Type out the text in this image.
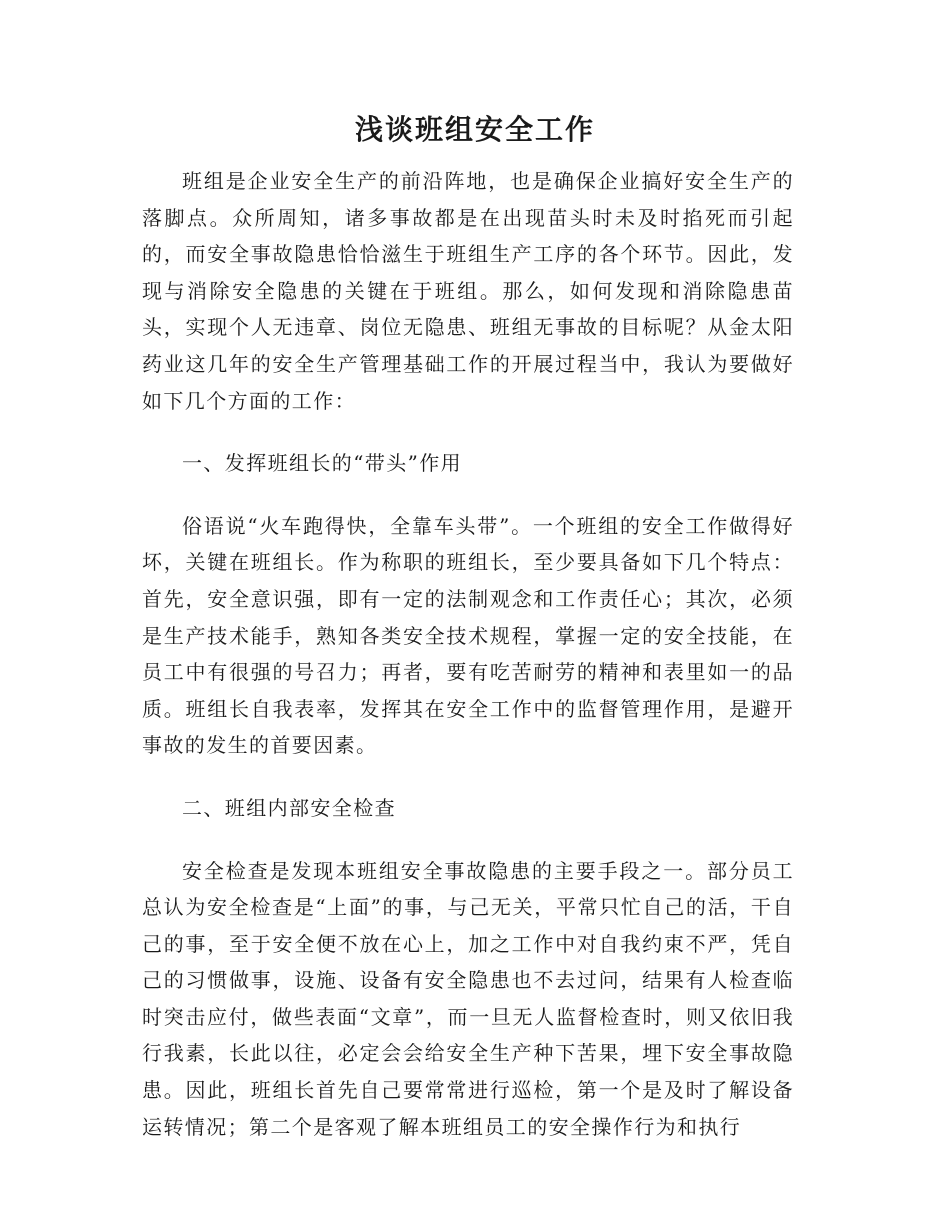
浅谈班组安全工作

班组是企业安全生产的前沿阵地，也是确保企业搞好安全生产的落脚点。众所周知，诸多事故都是在出现苗头时未及时掐死而引起的，而安全事故隐患恰恰滋生于班组生产工序的各个环节。因此，发现与消除安全隐患的关键在于班组。那么，如何发现和消除隐患苗头，实现个人无违章、岗位无隐患、班组无事故的目标呢？从金太阳药业这几年的安全生产管理基础工作的开展过程当中，我认为要做好如下几个方面的工作：

一、发挥班组长的“带头”作用

俗语说“火车跑得快，全靠车头带”。一个班组的安全工作做得好坏，关键在班组长。作为称职的班组长，至少要具备如下几个特点：首先，安全意识强，即有一定的法制观念和工作责任心；其次，必须是生产技术能手，熟知各类安全技术规程，掌握一定的安全技能，在员工中有很强的号召力；再者，要有吃苦耐劳的精神和表里如一的品质。班组长自我表率，发挥其在安全工作中的监督管理作用，是避开事故的发生的首要因素。

二、班组内部安全检查

安全检查是发现本班组安全事故隐患的主要手段之一。部分员工总认为安全检查是“上面”的事，与己无关，平常只忙自己的活，干自己的事，至于安全便不放在心上，加之工作中对自我约束不严，凭自己的习惯做事，设施、设备有安全隐患也不去过问，结果有人检查临时突击应付，做些表面“文章”，而一旦无人监督检查时，则又依旧我行我素，长此以往，必定会会给安全生产种下苦果，埋下安全事故隐患。因此，班组长首先自己要常常进行巡检，第一个是及时了解设备运转情况；第二个是客观了解本班组员工的安全操作行为和执行
